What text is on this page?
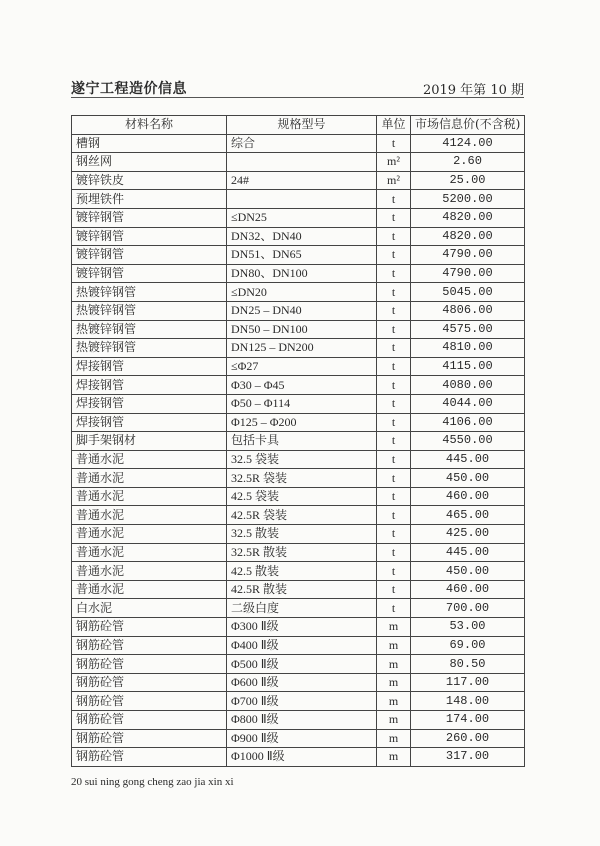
遂宁工程造价信息	2019 年第 10 期
材料名称	规格型号	单位	市场信息价(不含税)
槽钢	综合	t	4124.00
钢丝网		m²	2.60
镀锌铁皮	24#	m²	25.00
预埋铁件		t	5200.00
镀锌钢管	≤DN25	t	4820.00
镀锌钢管	DN32、DN40	t	4820.00
镀锌钢管	DN51、DN65	t	4790.00
镀锌钢管	DN80、DN100	t	4790.00
热镀锌钢管	≤DN20	t	5045.00
热镀锌钢管	DN25 – DN40	t	4806.00
热镀锌钢管	DN50 – DN100	t	4575.00
热镀锌钢管	DN125 – DN200	t	4810.00
焊接钢管	≤Φ27	t	4115.00
焊接钢管	Φ30 – Φ45	t	4080.00
焊接钢管	Φ50 – Φ114	t	4044.00
焊接钢管	Φ125 – Φ200	t	4106.00
脚手架钢材	包括卡具	t	4550.00
普通水泥	32.5 袋装	t	445.00
普通水泥	32.5R 袋装	t	450.00
普通水泥	42.5 袋装	t	460.00
普通水泥	42.5R 袋装	t	465.00
普通水泥	32.5 散装	t	425.00
普通水泥	32.5R 散装	t	445.00
普通水泥	42.5 散装	t	450.00
普通水泥	42.5R 散装	t	460.00
白水泥	二级白度	t	700.00
钢筋砼管	Φ300 Ⅱ级	m	53.00
钢筋砼管	Φ400 Ⅱ级	m	69.00
钢筋砼管	Φ500 Ⅱ级	m	80.50
钢筋砼管	Φ600 Ⅱ级	m	117.00
钢筋砼管	Φ700 Ⅱ级	m	148.00
钢筋砼管	Φ800 Ⅱ级	m	174.00
钢筋砼管	Φ900 Ⅱ级	m	260.00
钢筋砼管	Φ1000 Ⅱ级	m	317.00
20 sui ning gong cheng zao jia xin xi
